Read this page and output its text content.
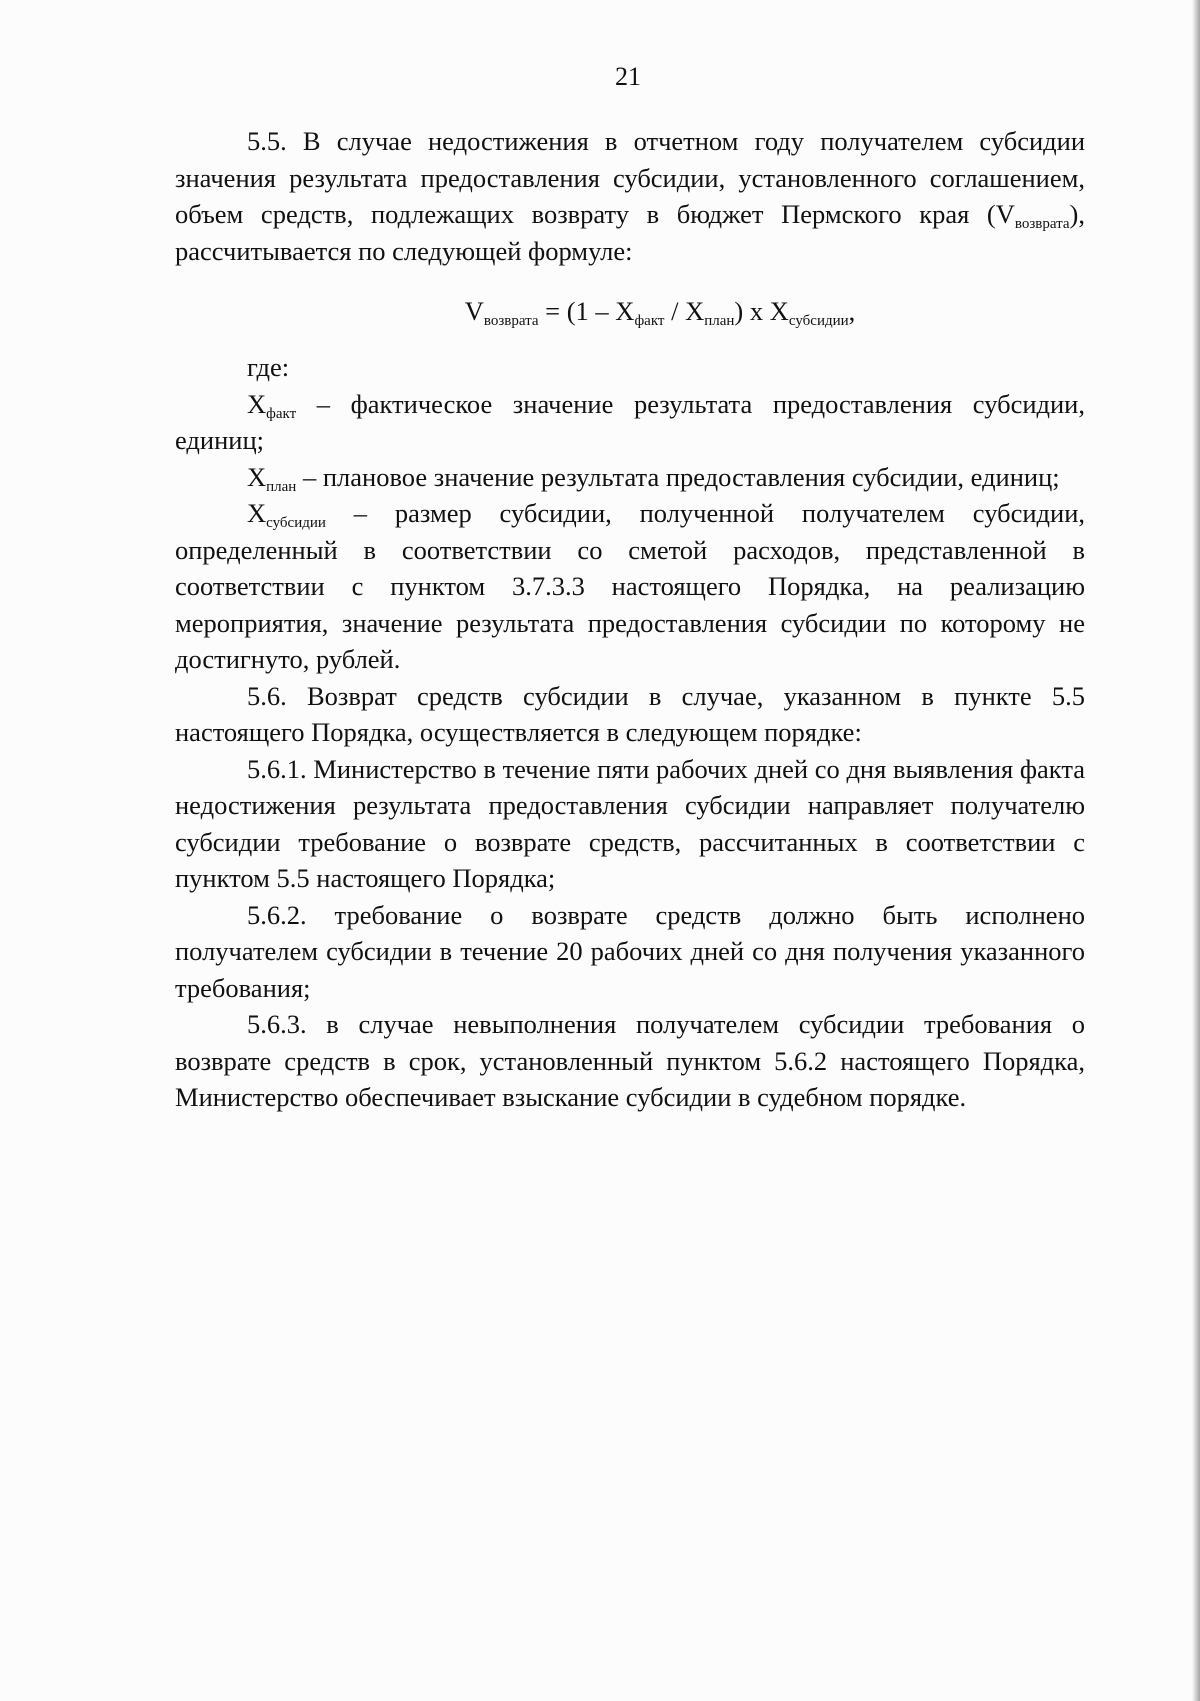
21

5.5. В случае недостижения в отчетном году получателем субсидии значения результата предоставления субсидии, установленного соглашением, объем средств, подлежащих возврату в бюджет Пермского края $(V_{возврата})$, рассчитывается по следующей формуле:

$V_{возврата} = (1 - X_{факт} / X_{план})$ x $X_{субсидии}$,

где:

$X_{факт}$ – фактическое значение результата предоставления субсидии, единиц;

$X_{план}$ – плановое значение результата предоставления субсидии, единиц;

$X_{субсидии}$ – размер субсидии, полученной получателем субсидии, определенный в соответствии со сметой расходов, представленной в соответствии с пунктом 3.7.3.3 настоящего Порядка, на реализацию мероприятия, значение результата предоставления субсидии по которому не достигнуто, рублей.

5.6. Возврат средств субсидии в случае, указанном в пункте 5.5 настоящего Порядка, осуществляется в следующем порядке:

5.6.1. Министерство в течение пяти рабочих дней со дня выявления факта недостижения результата предоставления субсидии направляет получателю субсидии требование о возврате средств, рассчитанных в соответствии с пунктом 5.5 настоящего Порядка;

5.6.2. требование о возврате средств должно быть исполнено получателем субсидии в течение 20 рабочих дней со дня получения указанного требования;

5.6.3. в случае невыполнения получателем субсидии требования о возврате средств в срок, установленный пунктом 5.6.2 настоящего Порядка, Министерство обеспечивает взыскание субсидии в судебном порядке.
